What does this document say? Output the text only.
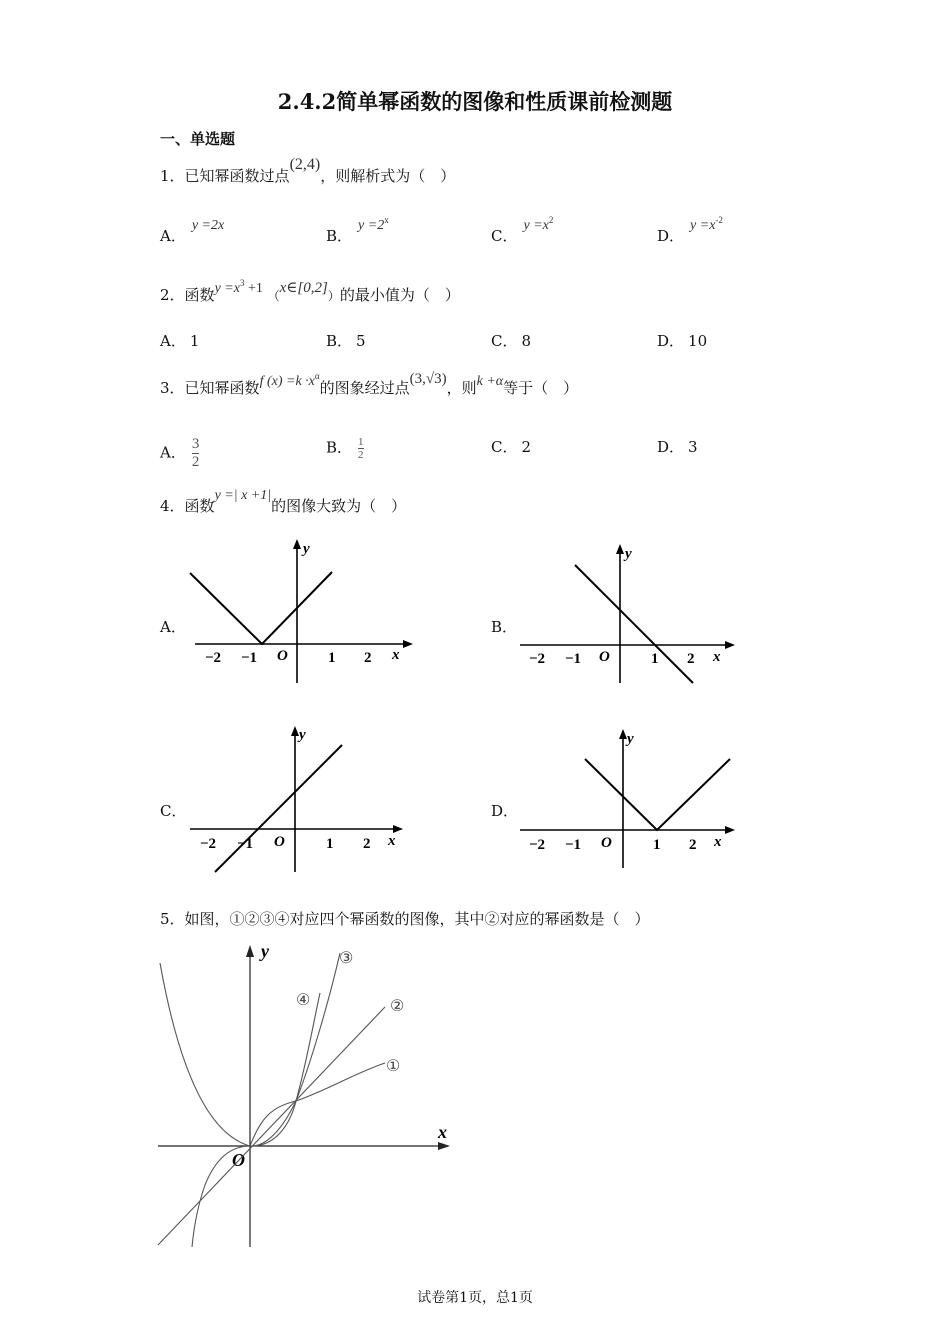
2.4.2简单幂函数的图像和性质课前检测题
一、单选题
1．已知幂函数过点(2,4)，则解析式为（　）
A．y =2x
B．$y =2^x$
C．$y =x^2$
D．$y =x^{-2}$
2．函数$y =x^3 +1$ （x∈[0,2]）的最小值为（　）
A． 1	B． 5	C． 8	D． 10
3．已知幂函数f $(x) =k \cdot x^\alpha$的图象经过点(3,√3)，则k +α等于（　）
A． $\frac{3}{2}$	B． $\frac{1}{2}$	C． 2	D． 3
4．函数y =| x +1|的图像大致为（　）
A．	B．
C．	D．
y
x
O
−2 −1	1 2
y
x
O
−2 −1	1 2
y
x
O
−2 −1	1 2
y
x
O
−2 −1	1 2
5．如图，①②③④对应四个幂函数的图像，其中②对应的幂函数是（　）
y
x
O
①
②
③
④
试卷第1页，总1页
